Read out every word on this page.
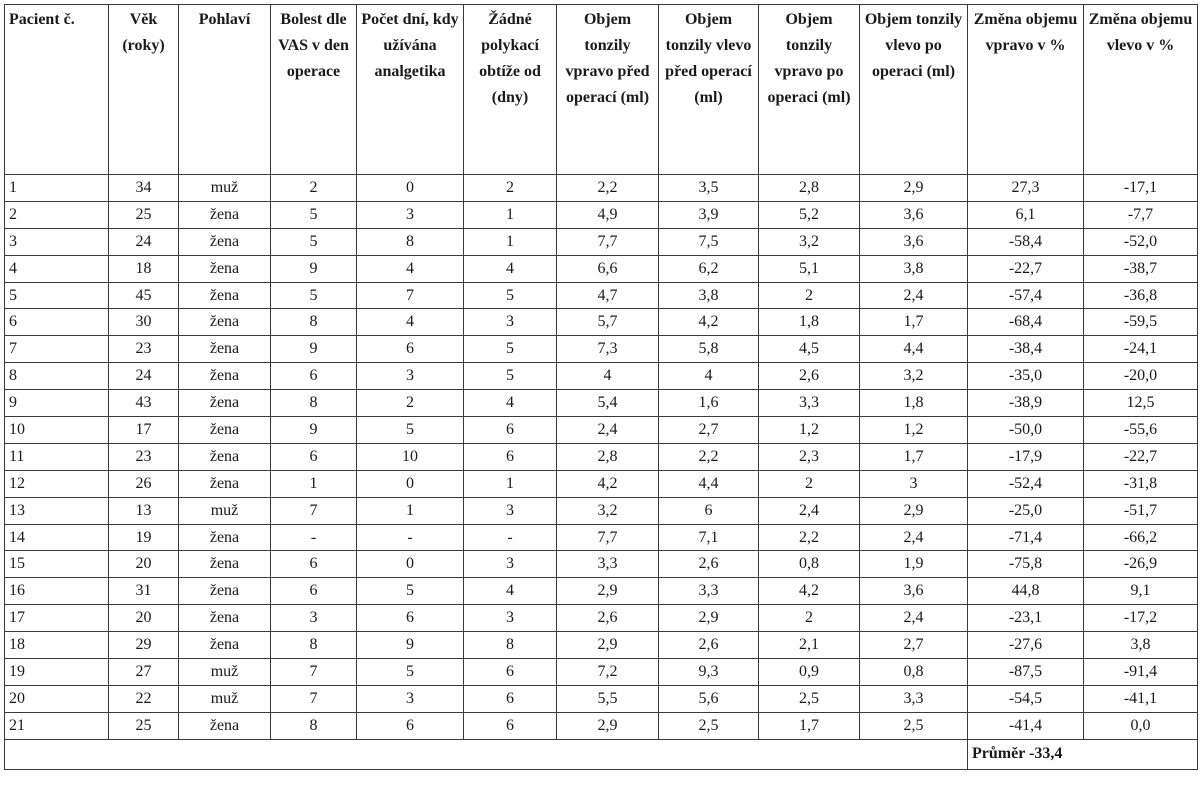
Pacient č.	Věk (roky)	Pohlaví	Bolest dle VAS v den operace	Počet dní, kdy užívána analgetika	Žádné polykací obtíže od (dny)	Objem tonzily vpravo před operací (ml)	Objem tonzily vlevo před operací (ml)	Objem tonzily vpravo po operaci (ml)	Objem tonzily vlevo po operaci (ml)	Změna objemu vpravo v %	Změna objemu vlevo v %
1	34	muž	2	0	2	2,2	3,5	2,8	2,9	27,3	-17,1
2	25	žena	5	3	1	4,9	3,9	5,2	3,6	6,1	-7,7
3	24	žena	5	8	1	7,7	7,5	3,2	3,6	-58,4	-52,0
4	18	žena	9	4	4	6,6	6,2	5,1	3,8	-22,7	-38,7
5	45	žena	5	7	5	4,7	3,8	2	2,4	-57,4	-36,8
6	30	žena	8	4	3	5,7	4,2	1,8	1,7	-68,4	-59,5
7	23	žena	9	6	5	7,3	5,8	4,5	4,4	-38,4	-24,1
8	24	žena	6	3	5	4	4	2,6	3,2	-35,0	-20,0
9	43	žena	8	2	4	5,4	1,6	3,3	1,8	-38,9	12,5
10	17	žena	9	5	6	2,4	2,7	1,2	1,2	-50,0	-55,6
11	23	žena	6	10	6	2,8	2,2	2,3	1,7	-17,9	-22,7
12	26	žena	1	0	1	4,2	4,4	2	3	-52,4	-31,8
13	13	muž	7	1	3	3,2	6	2,4	2,9	-25,0	-51,7
14	19	žena	-	-	-	7,7	7,1	2,2	2,4	-71,4	-66,2
15	20	žena	6	0	3	3,3	2,6	0,8	1,9	-75,8	-26,9
16	31	žena	6	5	4	2,9	3,3	4,2	3,6	44,8	9,1
17	20	žena	3	6	3	2,6	2,9	2	2,4	-23,1	-17,2
18	29	žena	8	9	8	2,9	2,6	2,1	2,7	-27,6	3,8
19	27	muž	7	5	6	7,2	9,3	0,9	0,8	-87,5	-91,4
20	22	muž	7	3	6	5,5	5,6	2,5	3,3	-54,5	-41,1
21	25	žena	8	6	6	2,9	2,5	1,7	2,5	-41,4	0,0
										Průměr -33,4	
